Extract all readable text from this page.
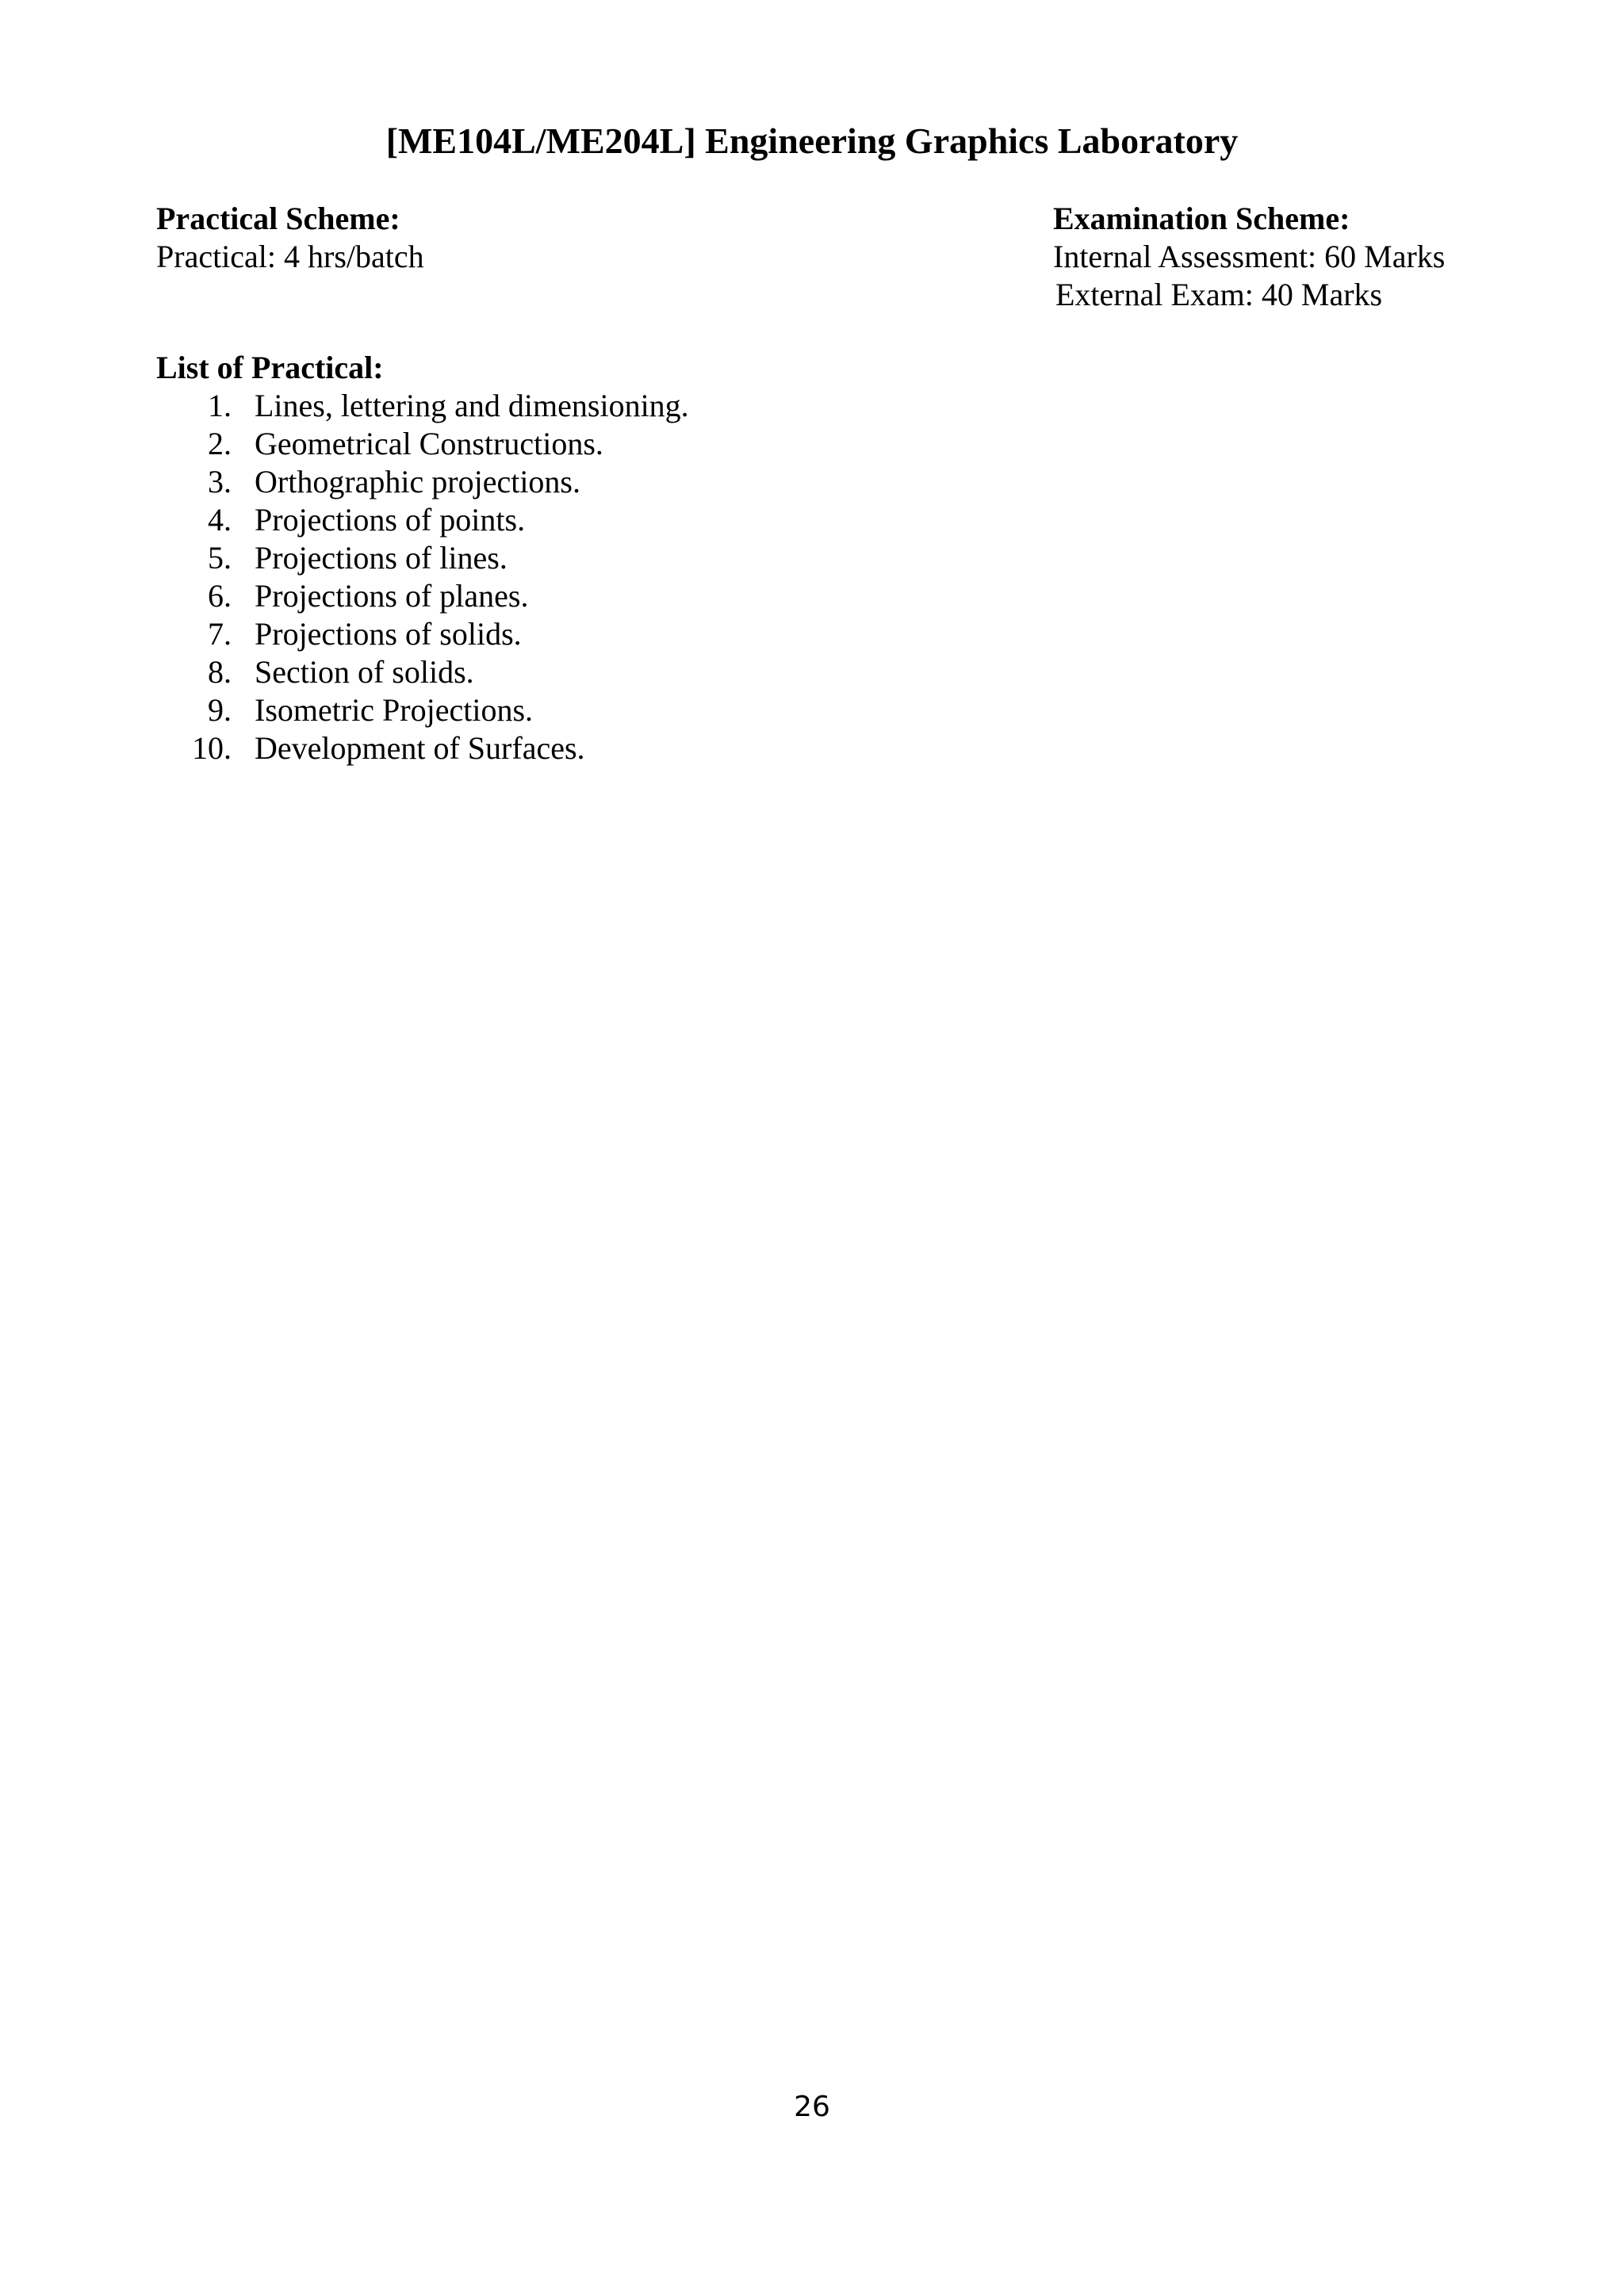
[ME104L/ME204L] Engineering Graphics Laboratory
Practical Scheme:
Practical: 4 hrs/batch
Examination Scheme:
Internal Assessment: 60 Marks
External Exam: 40 Marks
List of Practical:
1. Lines, lettering and dimensioning.
2. Geometrical Constructions.
3. Orthographic projections.
4. Projections of points.
5. Projections of lines.
6. Projections of planes.
7. Projections of solids.
8. Section of solids.
9. Isometric Projections.
10. Development of Surfaces.
26
